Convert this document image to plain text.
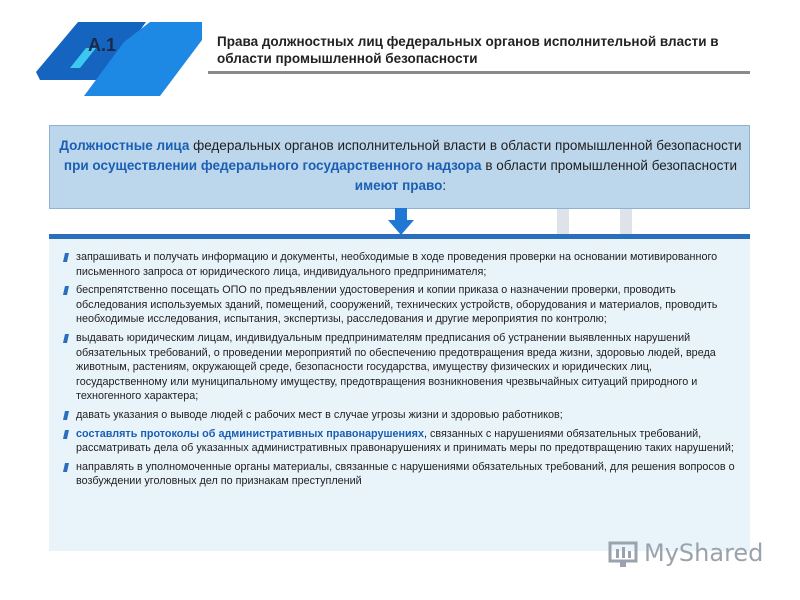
A.1	Права должностных лиц федеральных органов исполнительной власти в области промышленной безопасности
Должностные лица федеральных органов исполнительной власти в области промышленной безопасности
при осуществлении федерального государственного надзора в области промышленной безопасности имеют право:
запрашивать и получать информацию и документы, необходимые в ходе проведения проверки на основании мотивированного письменного запроса от юридического лица, индивидуального предпринимателя;
беспрепятственно посещать ОПО по предъявлении удостоверения и копии приказа о назначении проверки, проводить обследования используемых зданий, помещений, сооружений, технических устройств, оборудования и материалов, проводить необходимые исследования, испытания, экспертизы, расследования и другие мероприятия по контролю;
выдавать юридическим лицам, индивидуальным предпринимателям предписания об устранении выявленных нарушений обязательных требований, о проведении мероприятий по обеспечению предотвращения вреда жизни, здоровью людей, вреда животным, растениям, окружающей среде, безопасности государства, имуществу физических и юридических лиц, государственному или муниципальному имуществу, предотвращения возникновения чрезвычайных ситуаций природного и техногенного характера;
давать указания о выводе людей с рабочих мест в случае угрозы жизни и здоровью работников;
составлять протоколы об административных правонарушениях, связанных с нарушениями обязательных требований, рассматривать дела об указанных административных правонарушениях и принимать меры по предотвращению таких нарушений;
направлять в уполномоченные органы материалы, связанные с нарушениями обязательных требований, для решения вопросов о возбуждении уголовных дел по признакам преступлений
MyShared
